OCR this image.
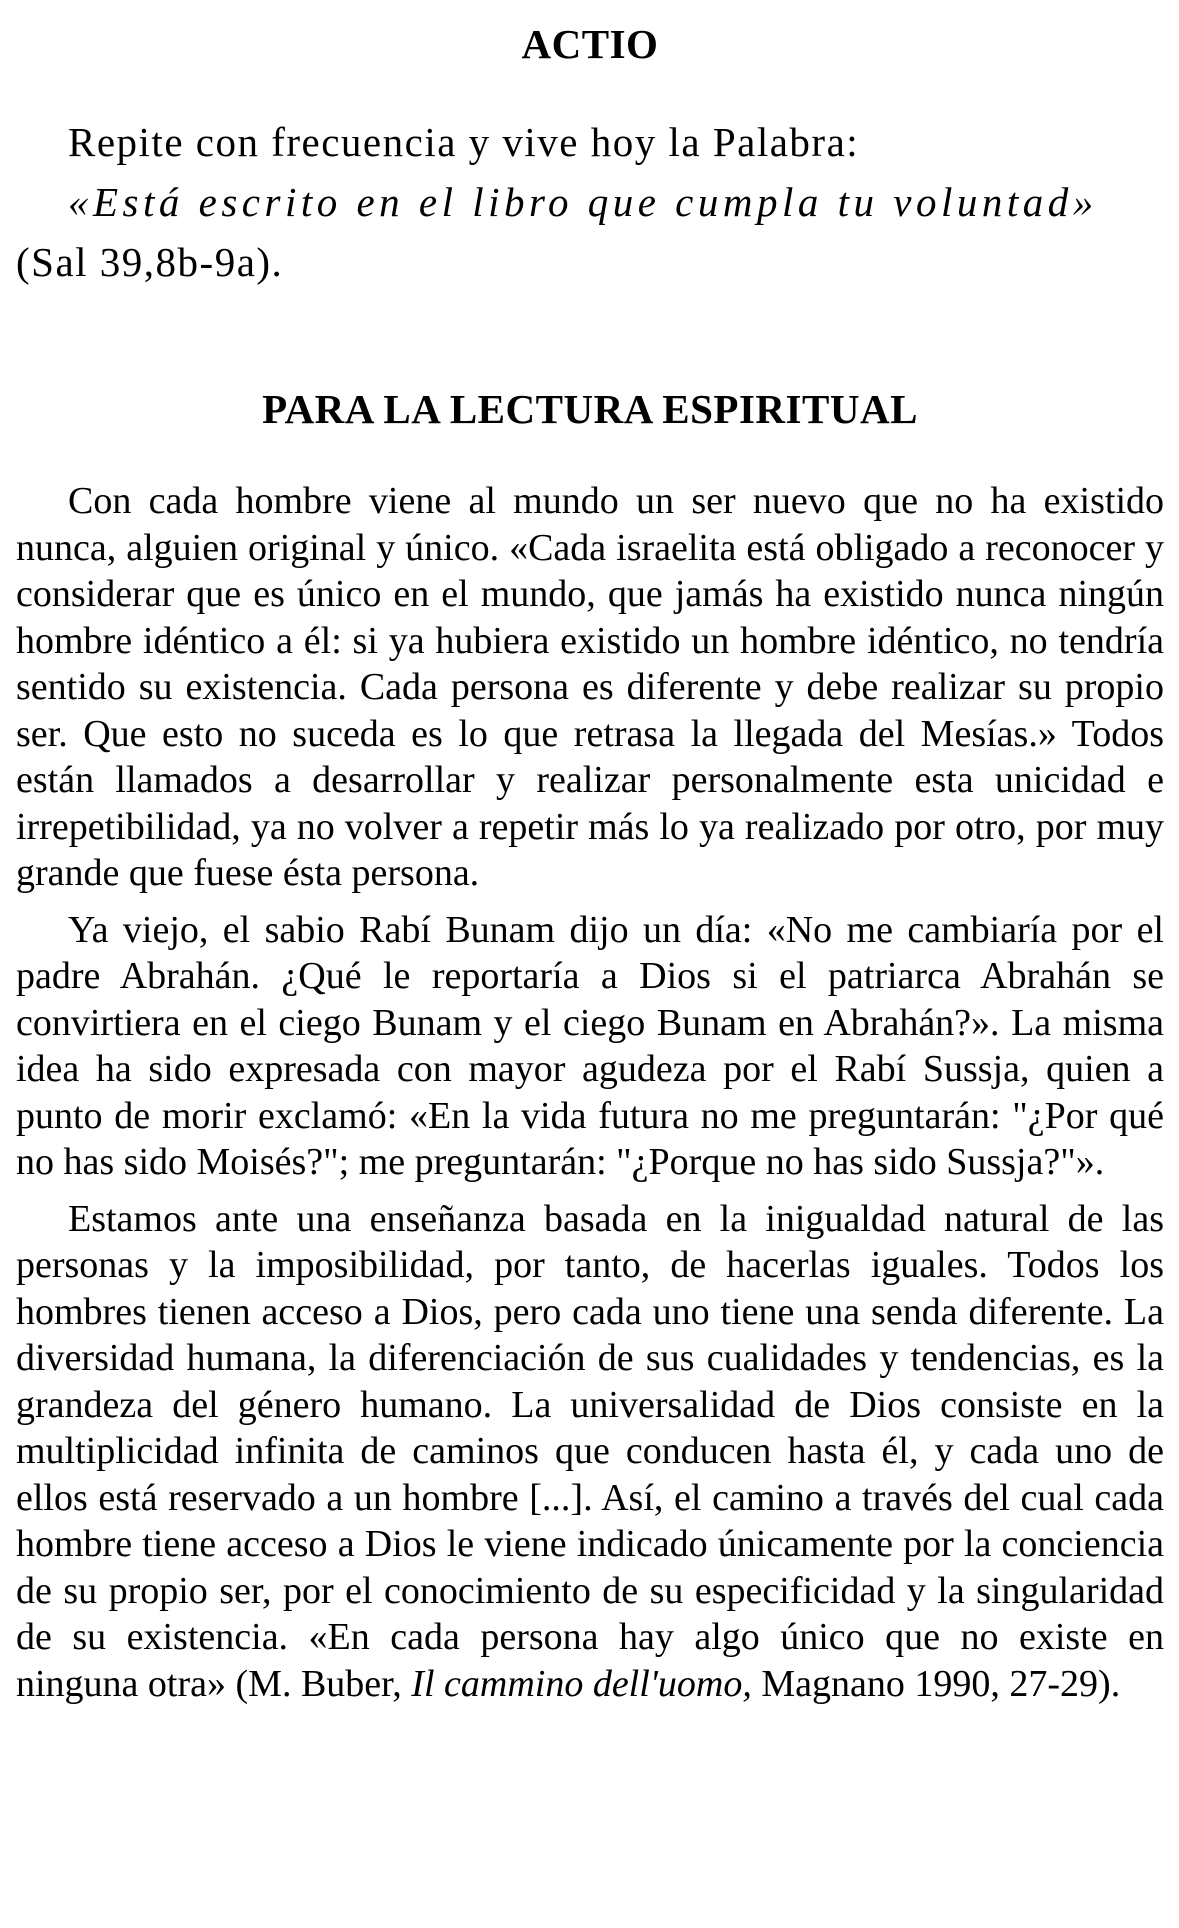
ACTIO
Repite con frecuencia y vive hoy la Palabra:
«Está escrito en el libro que cumpla tu voluntad»
(Sal 39,8b-9a).
PARA LA LECTURA ESPIRITUAL

Con cada hombre viene al mundo un ser nuevo que no ha existido nunca, alguien original y único. «Cada israelita está obligado a reconocer y considerar que es único en el mundo, que jamás ha existido nunca ningún hombre idéntico a él: si ya hubiera existido un hombre idéntico, no tendría sentido su existencia. Cada persona es diferente y debe realizar su propio ser. Que esto no suceda es lo que retrasa la llegada del Mesías.» Todos están llamados a desarrollar y realizar personalmente esta unicidad e irrepetibilidad, ya no volver a repetir más lo ya realizado por otro, por muy grande que fuese ésta persona.

Ya viejo, el sabio Rabí Bunam dijo un día: «No me cambiaría por el padre Abrahán. ¿Qué le reportaría a Dios si el patriarca Abrahán se convirtiera en el ciego Bunam y el ciego Bunam en Abrahán?». La misma idea ha sido expresada con mayor agudeza por el Rabí Sussja, quien a punto de morir exclamó: «En la vida futura no me preguntarán: "¿Por qué no has sido Moisés?"; me preguntarán: "¿Porque no has sido Sussja?"».

Estamos ante una enseñanza basada en la inigualdad natural de las personas y la imposibilidad, por tanto, de hacerlas iguales. Todos los hombres tienen acceso a Dios, pero cada uno tiene una senda diferente. La diversidad humana, la diferenciación de sus cualidades y tendencias, es la grandeza del género humano. La universalidad de Dios consiste en la multiplicidad infinita de caminos que conducen hasta él, y cada uno de ellos está reservado a un hombre [...]. Así, el camino a través del cual cada hombre tiene acceso a Dios le viene indicado únicamente por la conciencia de su propio ser, por el conocimiento de su especificidad y la singularidad de su existencia. «En cada persona hay algo único que no existe en ninguna otra» (M. Buber, Il cammino dell'uomo, Magnano 1990, 27-29).
